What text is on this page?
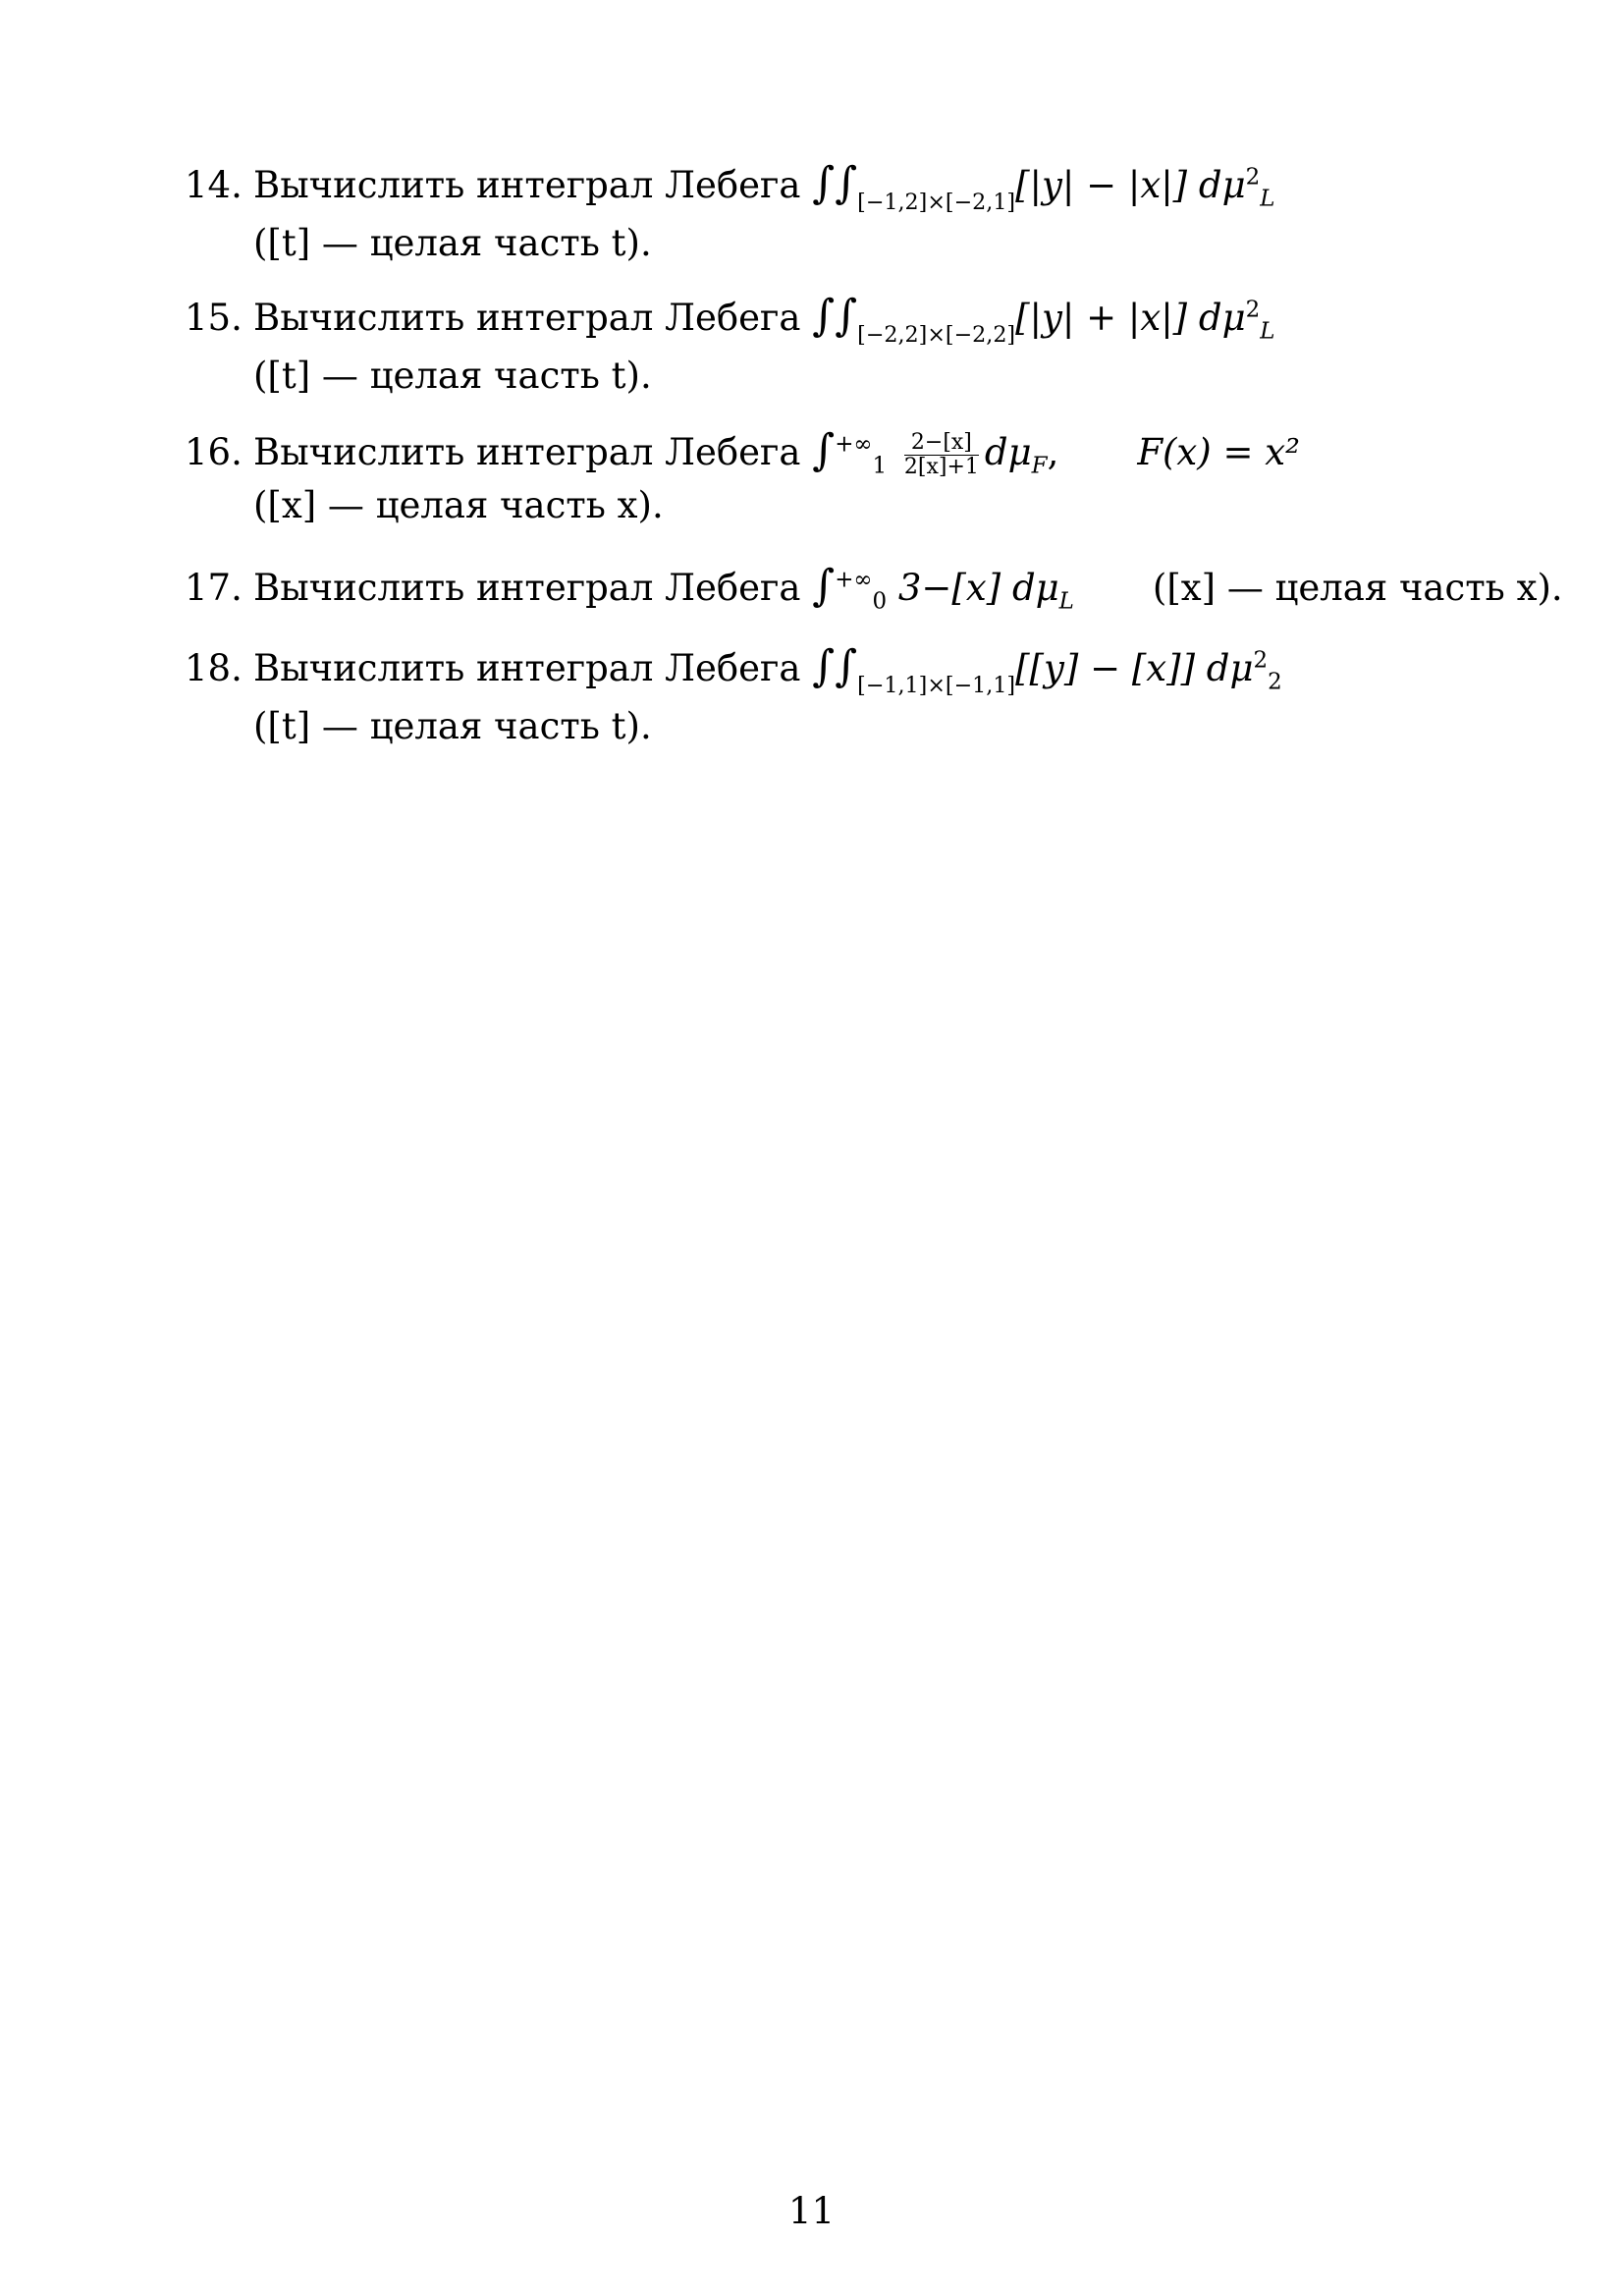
14. Вычислить интеграл Лебега $\int\int_{[-1,2]\times[-2,1]}[|y| - |x|]$ $d\mu^2_L$
([t] — целая часть t).
15. Вычислить интеграл Лебега $\int\int_{[-2,2]\times[-2,2]}[|y| + |x|]$ $d\mu^2_L$
([t] — целая часть t).
16. Вычислить интеграл Лебега $\int^{+\infty}_1 \frac{2-[x]}{2[x]+1} d\mu_F$, F(x) = x²
([x] — целая часть x).
17. Вычислить интеграл Лебега $\int^{+\infty}_0$ 3−[x] $d\mu_L$ ([x] — целая часть x).
18. Вычислить интеграл Лебега $\int\int_{[-1,1]\times[-1,1]}[[y] - [x]]$ $d\mu^2_2$
([t] — целая часть t).
11
